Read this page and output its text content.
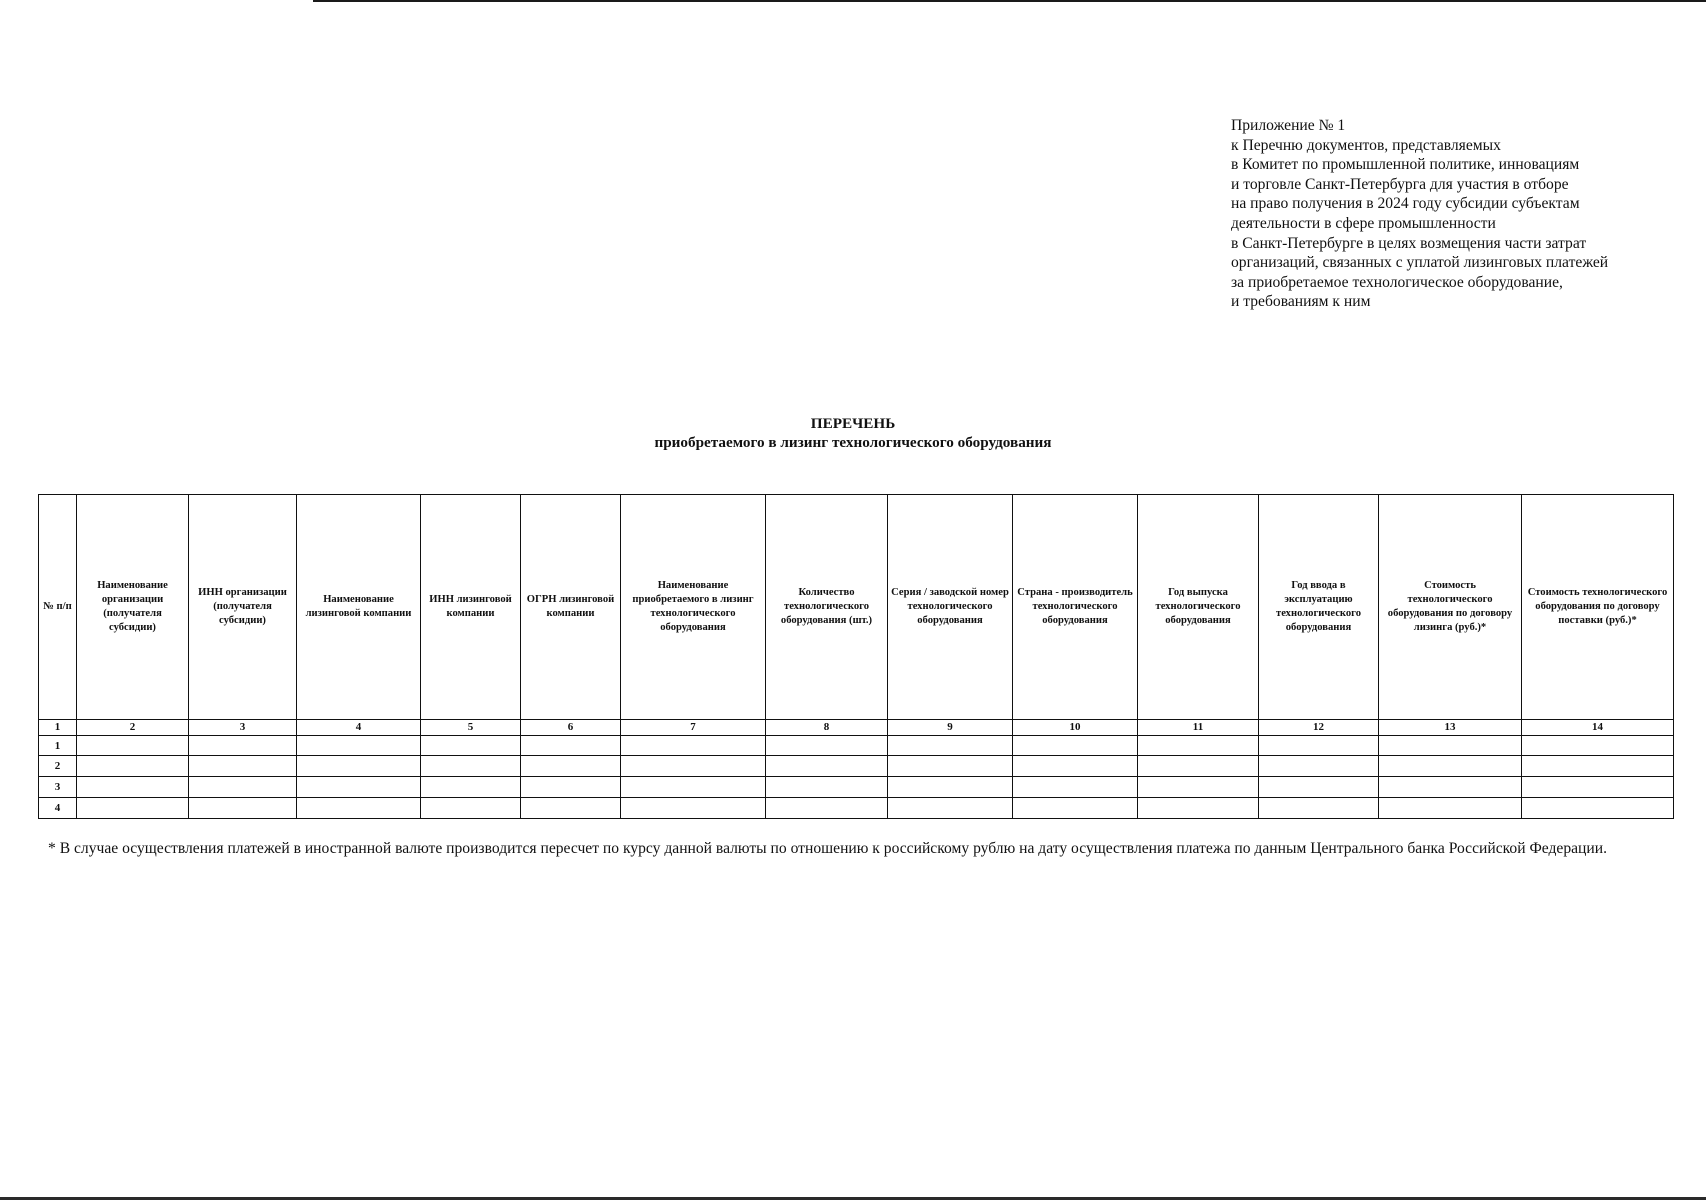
Приложение № 1
к Перечню документов, представляемых
в Комитет по промышленной политике, инновациям
и торговле Санкт-Петербурга для участия в отборе
на право получения в 2024 году субсидии субъектам
деятельности в сфере промышленности
в Санкт-Петербурге в целях возмещения части затрат
организаций, связанных с уплатой лизинговых платежей
за приобретаемое технологическое оборудование,
и требованиям к ним
ПЕРЕЧЕНЬ
приобретаемого в лизинг технологического оборудования
№ п/п	Наименование организации (получателя субсидии)	ИНН организации (получателя субсидии)	Наименование лизинговой компании	ИНН лизинговой компании	ОГРН лизинговой компании	Наименование приобретаемого в лизинг технологического оборудования	Количество технологического оборудования (шт.)	Серия / заводской номер технологического оборудования	Страна - производитель технологического оборудования	Год выпуска технологического оборудования	Год ввода в эксплуатацию технологического оборудования	Стоимость технологического оборудования по договору лизинга (руб.)*	Стоимость технологического оборудования по договору поставки (руб.)*
1	2	3	4	5	6	7	8	9	10	11	12	13	14
1													
2													
3													
4													
* В случае осуществления платежей в иностранной валюте производится пересчет по курсу данной валюты по отношению к российскому рублю на дату осуществления платежа по данным Центрального банка Российской Федерации.
